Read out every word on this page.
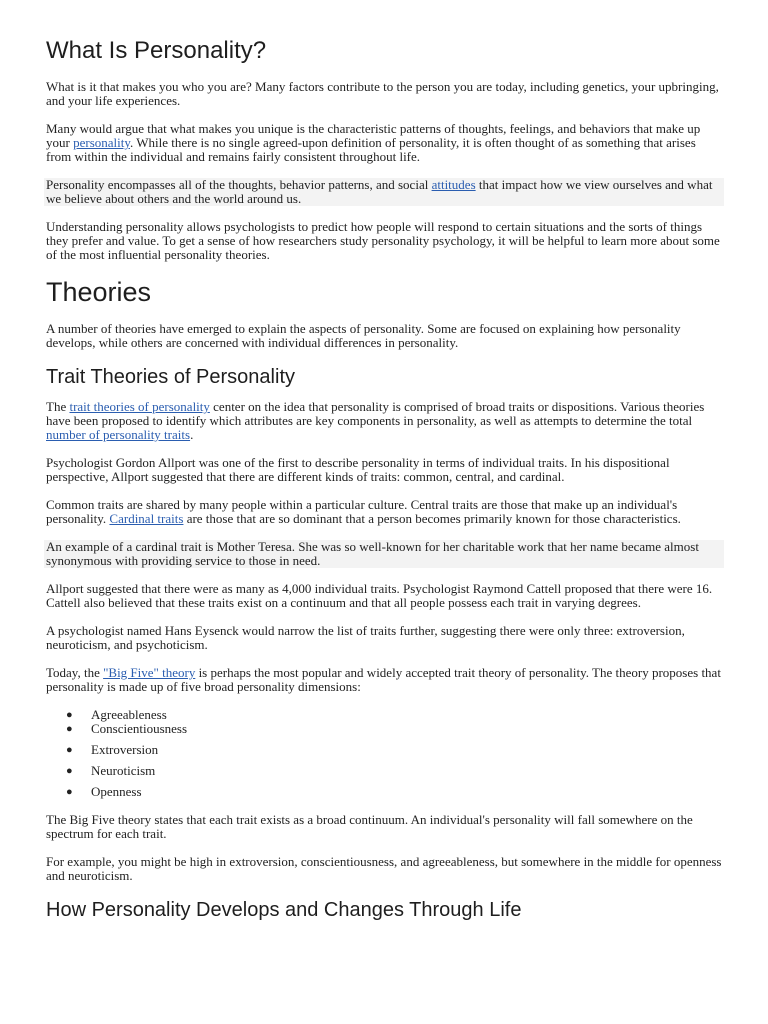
What Is Personality?

What is it that makes you who you are? Many factors contribute to the person you are today, including genetics, your upbringing, and your life experiences.

Many would argue that what makes you unique is the characteristic patterns of thoughts, feelings, and behaviors that make up your personality. While there is no single agreed-upon definition of personality, it is often thought of as something that arises from within the individual and remains fairly consistent throughout life.

Personality encompasses all of the thoughts, behavior patterns, and social attitudes that impact how we view ourselves and what we believe about others and the world around us.

Understanding personality allows psychologists to predict how people will respond to certain situations and the sorts of things they prefer and value. To get a sense of how researchers study personality psychology, it will be helpful to learn more about some of the most influential personality theories.

Theories

A number of theories have emerged to explain the aspects of personality. Some are focused on explaining how personality develops, while others are concerned with individual differences in personality.

Trait Theories of Personality

The trait theories of personality center on the idea that personality is comprised of broad traits or dispositions. Various theories have been proposed to identify which attributes are key components in personality, as well as attempts to determine the total number of personality traits.

Psychologist Gordon Allport was one of the first to describe personality in terms of individual traits. In his dispositional perspective, Allport suggested that there are different kinds of traits: common, central, and cardinal.

Common traits are shared by many people within a particular culture. Central traits are those that make up an individual's personality. Cardinal traits are those that are so dominant that a person becomes primarily known for those characteristics.

An example of a cardinal trait is Mother Teresa. She was so well-known for her charitable work that her name became almost synonymous with providing service to those in need.

Allport suggested that there were as many as 4,000 individual traits. Psychologist Raymond Cattell proposed that there were 16. Cattell also believed that these traits exist on a continuum and that all people possess each trait in varying degrees.

A psychologist named Hans Eysenck would narrow the list of traits further, suggesting there were only three: extroversion, neuroticism, and psychoticism.

Today, the "Big Five" theory is perhaps the most popular and widely accepted trait theory of personality. The theory proposes that personality is made up of five broad personality dimensions:

● Agreeableness
● Conscientiousness
● Extroversion
● Neuroticism
● Openness

The Big Five theory states that each trait exists as a broad continuum. An individual's personality will fall somewhere on the spectrum for each trait.

For example, you might be high in extroversion, conscientiousness, and agreeableness, but somewhere in the middle for openness and neuroticism.

How Personality Develops and Changes Through Life
